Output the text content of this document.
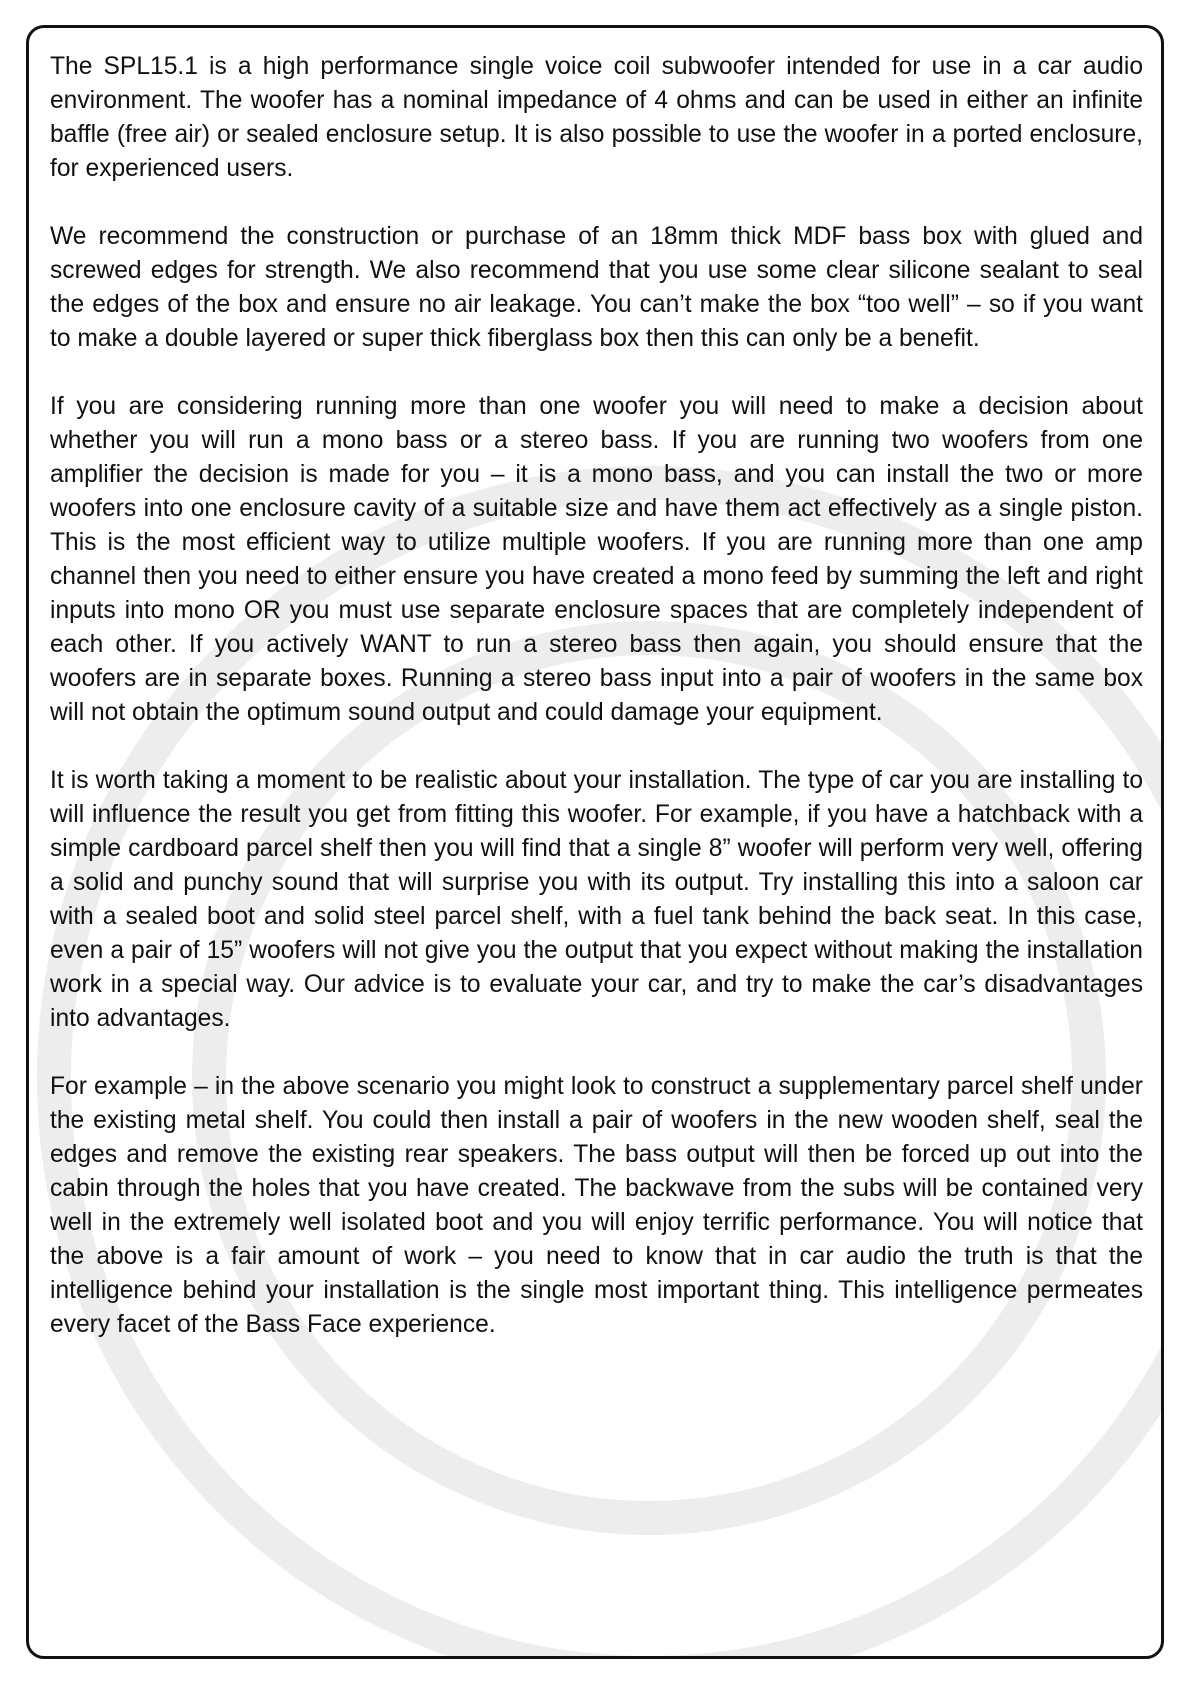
The SPL15.1 is a high performance single voice coil subwoofer intended for use in a car audio environment. The woofer has a nominal impedance of 4 ohms and can be used in either an infinite baffle (free air) or sealed enclosure setup. It is also possible to use the woofer in a ported enclosure, for experienced users.

We recommend the construction or purchase of an 18mm thick MDF bass box with glued and screwed edges for strength. We also recommend that you use some clear silicone sealant to seal the edges of the box and ensure no air leakage. You can’t make the box “too well” – so if you want to make a double layered or super thick fiberglass box then this can only be a benefit.

If you are considering running more than one woofer you will need to make a decision about whether you will run a mono bass or a stereo bass. If you are running two woofers from one amplifier the decision is made for you – it is a mono bass, and you can install the two or more woofers into one enclosure cavity of a suitable size and have them act effectively as a single piston. This is the most efficient way to utilize multiple woofers. If you are running more than one amp channel then you need to either ensure you have created a mono feed by summing the left and right inputs into mono OR you must use separate enclosure spaces that are completely independent of each other. If you actively WANT to run a stereo bass then again, you should ensure that the woofers are in separate boxes. Running a stereo bass input into a pair of woofers in the same box will not obtain the optimum sound output and could damage your equipment.

It is worth taking a moment to be realistic about your installation. The type of car you are installing to will influence the result you get from fitting this woofer. For example, if you have a hatchback with a simple cardboard parcel shelf then you will find that a single 8” woofer will perform very well, offering a solid and punchy sound that will surprise you with its output. Try installing this into a saloon car with a sealed boot and solid steel parcel shelf, with a fuel tank behind the back seat. In this case, even a pair of 15” woofers will not give you the output that you expect without making the installation work in a special way. Our advice is to evaluate your car, and try to make the car’s disadvantages into advantages.

For example – in the above scenario you might look to construct a supplementary parcel shelf under the existing metal shelf. You could then install a pair of woofers in the new wooden shelf, seal the edges and remove the existing rear speakers. The bass output will then be forced up out into the cabin through the holes that you have created. The backwave from the subs will be contained very well in the extremely well isolated boot and you will enjoy terrific performance. You will notice that the above is a fair amount of work – you need to know that in car audio the truth is that the intelligence behind your installation is the single most important thing. This intelligence permeates every facet of the Bass Face experience.
